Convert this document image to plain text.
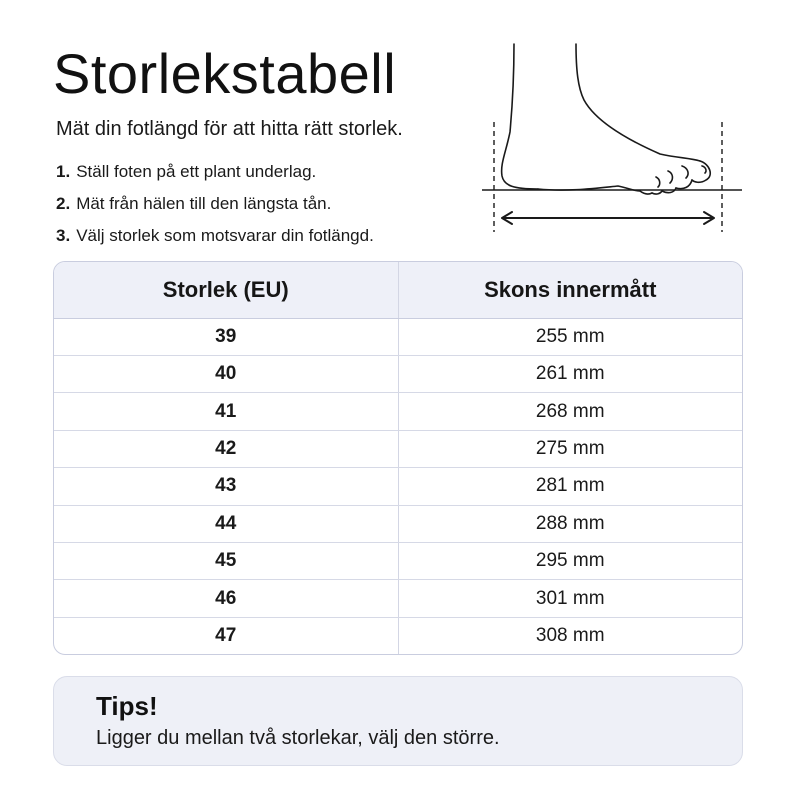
Storlekstabell
Mät din fotlängd för att hitta rätt storlek.
1. Ställ foten på ett plant underlag.
2. Mät från hälen till den längsta tån.
3. Välj storlek som motsvarar din fotlängd.
Storlek (EU)	Skons innermått
39	255 mm
40	261 mm
41	268 mm
42	275 mm
43	281 mm
44	288 mm
45	295 mm
46	301 mm
47	308 mm
Tips!
Ligger du mellan två storlekar, välj den större.
